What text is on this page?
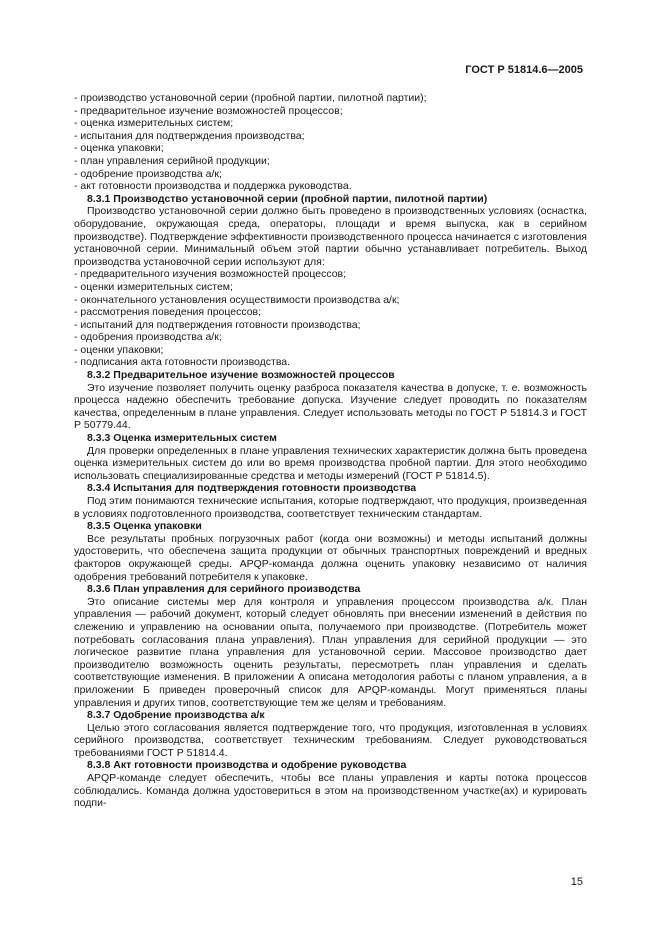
ГОСТ Р 51814.6—2005

- производство установочной серии (пробной партии, пилотной партии);

- предварительное изучение возможностей процессов;

- оценка измерительных систем;

- испытания для подтверждения производства;

- оценка упаковки;

- план управления серийной продукции;

- одобрение производства а/к;

- акт готовности производства и поддержка руководства.

8.3.1 Производство установочной серии (пробной партии, пилотной партии)

Производство установочной серии должно быть проведено в производственных условиях (оснастка, оборудование, окружающая среда, операторы, площади и время выпуска, как в серийном производстве). Подтверждение эффективности производственного процесса начинается с изготовления установочной серии. Минимальный объем этой партии обычно устанавливает потребитель. Выход производства установочной серии используют для:

- предварительного изучения возможностей процессов;

- оценки измерительных систем;

- окончательного установления осуществимости производства а/к;

- рассмотрения поведения процессов;

- испытаний для подтверждения готовности производства;

- одобрения производства а/к;

- оценки упаковки;

- подписания акта готовности производства.

8.3.2 Предварительное изучение возможностей процессов

Это изучение позволяет получить оценку разброса показателя качества в допуске, т. е. возможность процесса надежно обеспечить требование допуска. Изучение следует проводить по показателям качества, определенным в плане управления. Следует использовать методы по ГОСТ Р 51814.3 и ГОСТ Р 50779.44.

8.3.3 Оценка измерительных систем

Для проверки определенных в плане управления технических характеристик должна быть проведена оценка измерительных систем до или во время производства пробной партии. Для этого необходимо использовать специализированные средства и методы измерений (ГОСТ Р 51814.5).

8.3.4 Испытания для подтверждения готовности производства

Под этим понимаются технические испытания, которые подтверждают, что продукция, произведенная в условиях подготовленного производства, соответствует техническим стандартам.

8.3.5 Оценка упаковки

Все результаты пробных погрузочных работ (когда они возможны) и методы испытаний должны удостоверить, что обеспечена защита продукции от обычных транспортных повреждений и вредных факторов окружающей среды. APQP-команда должна оценить упаковку независимо от наличия одобрения требований потребителя к упаковке.

8.3.6 План управления для серийного производства

Это описание системы мер для контроля и управления процессом производства а/к. План управления — рабочий документ, который следует обновлять при внесении изменений в действия по слежению и управлению на основании опыта, получаемого при производстве. (Потребитель может потребовать согласования плана управления). План управления для серийной продукции — это логическое развитие плана управления для установочной серии. Массовое производство дает производителю возможность оценить результаты, пересмотреть план управления и сделать соответствующие изменения. В приложении А описана методология работы с планом управления, а в приложении Б приведен проверочный список для APQP-команды. Могут применяться планы управления и других типов, соответствующие тем же целям и требованиям.

8.3.7 Одобрение производства а/к

Целью этого согласования является подтверждение того, что продукция, изготовленная в условиях серийного производства, соответствует техническим требованиям. Следует руководствоваться требованиями ГОСТ Р 51814.4.

8.3.8 Акт готовности производства и одобрение руководства

APQP-команде следует обеспечить, чтобы все планы управления и карты потока процессов соблюдались. Команда должна удостовериться в этом на производственном участке(ах) и курировать подпи-

15
